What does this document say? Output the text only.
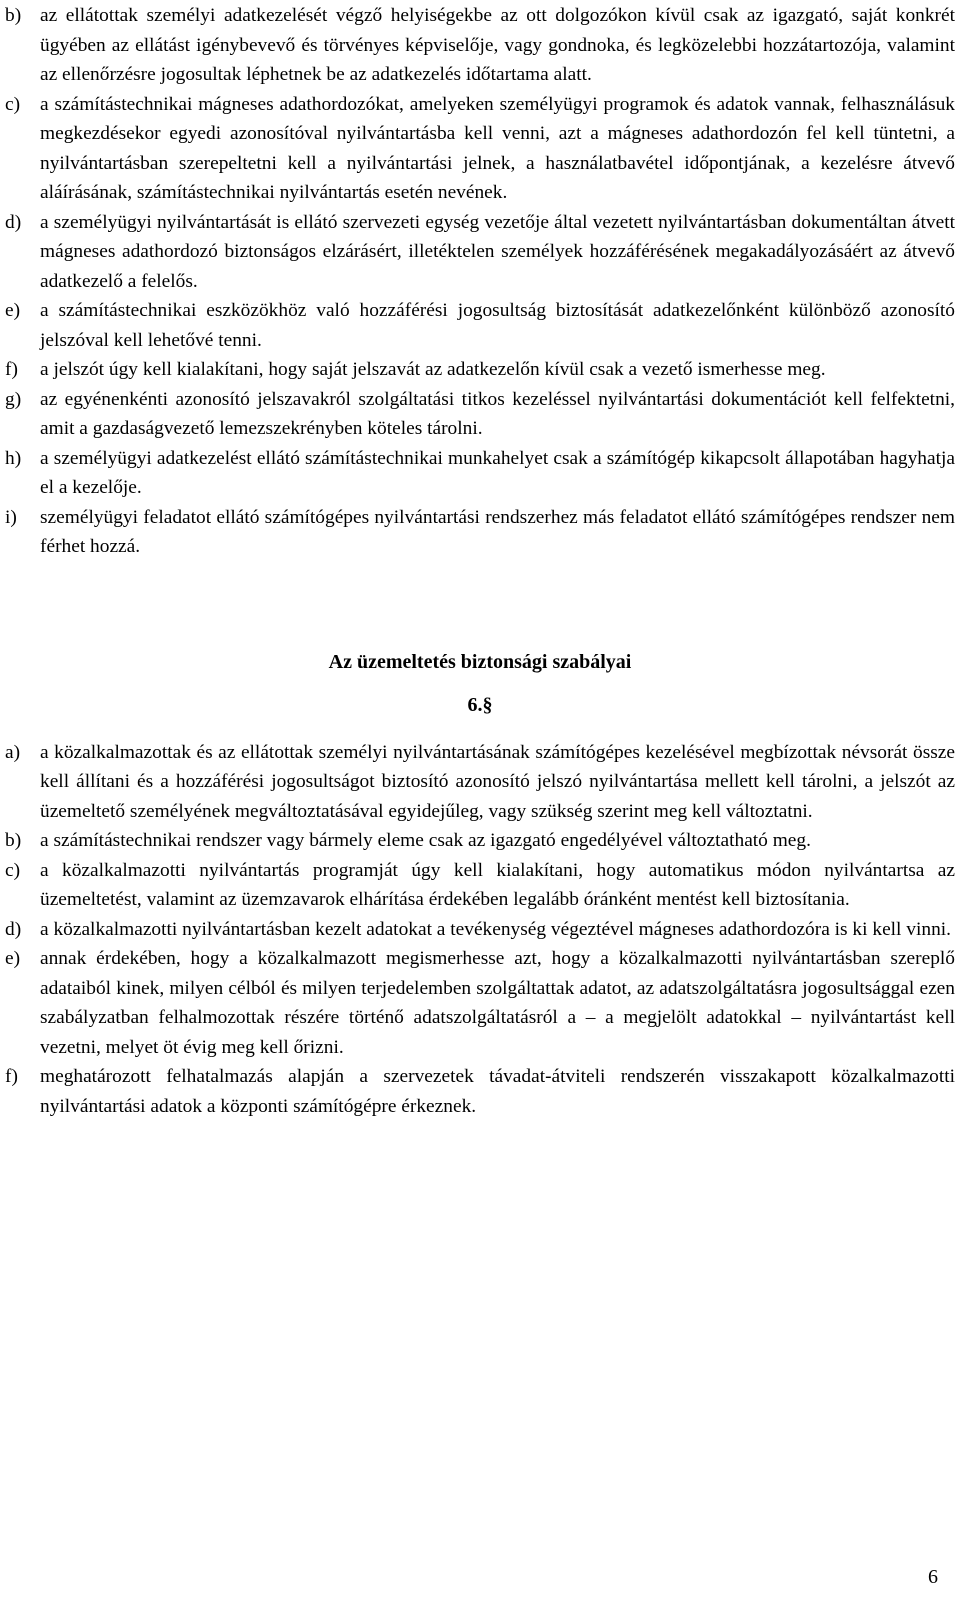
b) az ellátottak személyi adatkezelését végző helyiségekbe az ott dolgozókon kívül csak az igazgató, saját konkrét ügyében az ellátást igénybevevő és törvényes képviselője, vagy gondnoka, és legközelebbi hozzátartozója, valamint az ellenőrzésre jogosultak léphetnek be az adatkezelés időtartama alatt.
c)	a számítástechnikai mágneses adathordozókat, amelyeken személyügyi programok és adatok vannak, felhasználásuk megkezdésekor egyedi azonosítóval nyilvántartásba kell venni, azt a mágneses adathordozón fel kell tüntetni, a nyilvántartásban szerepeltetni kell a nyilvántartási jelnek, a használatbavétel időpontjának, a kezelésre átvevő aláírásának, számítástechnikai nyilvántartás esetén nevének.
d) a személyügyi nyilvántartását is ellátó szervezeti egység vezetője által vezetett nyilvántartásban dokumentáltan átvett mágneses adathordozó biztonságos elzárásért, illetéktelen személyek hozzáférésének megakadályozásáért az átvevő adatkezelő a felelős.
e)	a számítástechnikai eszközökhöz való hozzáférési jogosultság biztosítását adatkezelőnként különböző azonosító jelszóval kell lehetővé tenni.
f)	a jelszót úgy kell kialakítani, hogy saját jelszavát az adatkezelőn kívül csak a vezető ismerhesse meg.
g) az egyénenkénti azonosító jelszavakról szolgáltatási titkos kezeléssel nyilvántartási dokumentációt kell felfektetni, amit a gazdaságvezető lemezszekrényben köteles tárolni.
h) a személyügyi adatkezelést ellátó számítástechnikai munkahelyet csak a számítógép kikapcsolt állapotában hagyhatja el a kezelője.
i)	személyügyi feladatot ellátó számítógépes nyilvántartási rendszerhez más feladatot ellátó számítógépes rendszer nem férhet hozzá.
Az üzemeltetés biztonsági szabályai
6.§
a)	a közalkalmazottak és az ellátottak személyi nyilvántartásának számítógépes kezelésével megbízottak névsorát össze kell állítani és a hozzáférési jogosultságot biztosító azonosító jelszó nyilvántartása mellett kell tárolni, a jelszót az üzemeltető személyének megváltoztatásával egyidejűleg, vagy szükség szerint meg kell változtatni.
b) a számítástechnikai rendszer vagy bármely eleme csak az igazgató engedélyével változtatható meg.
c)	a közalkalmazotti nyilvántartás programját úgy kell kialakítani, hogy automatikus módon nyilvántartsa az üzemeltetést, valamint az üzemzavarok elhárítása érdekében legalább óránként mentést kell biztosítania.
d) a közalkalmazotti nyilvántartásban kezelt adatokat a tevékenység végeztével mágneses adathordozóra is ki kell vinni.
e)	annak érdekében, hogy a közalkalmazott megismerhesse azt, hogy a közalkalmazotti nyilvántartásban szereplő adataiból kinek, milyen célból és milyen terjedelemben szolgáltattak adatot, az adatszolgáltatásra jogosultsággal ezen szabályzatban felhalmozottak részére történő adatszolgáltatásról a – a megjelölt adatokkal – nyilvántartást kell vezetni, melyet öt évig meg kell őrizni.
f)	meghatározott felhatalmazás alapján a szervezetek távadat-átviteli rendszerén visszakapott közalkalmazotti nyilvántartási adatok a központi számítógépre érkeznek.
6
